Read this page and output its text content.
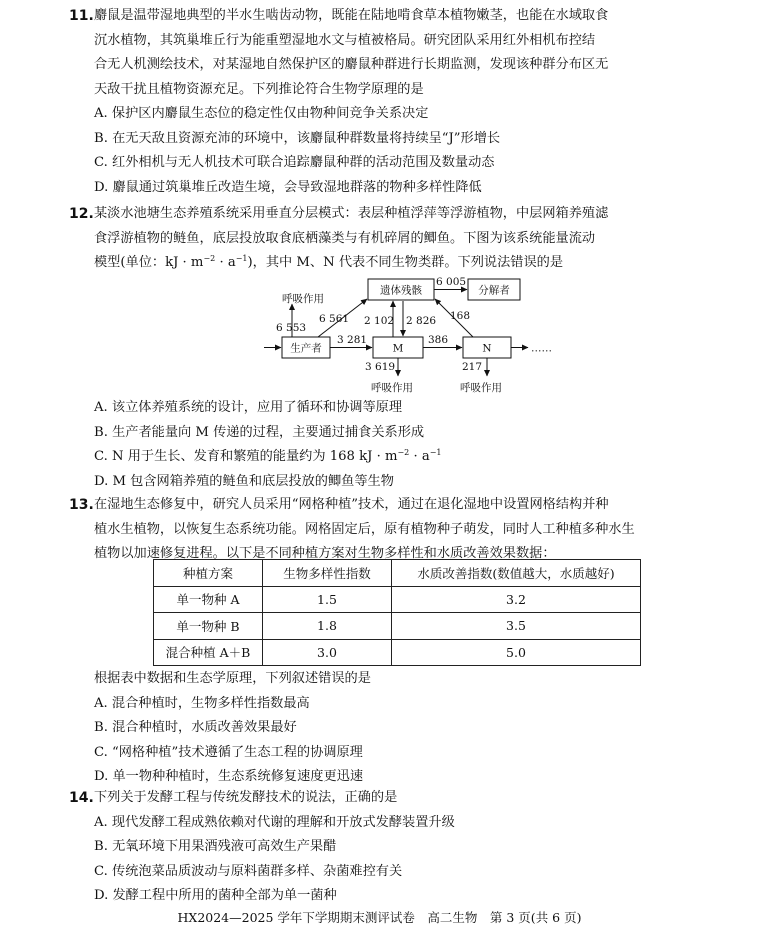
11. 麝鼠是温带湿地典型的半水生啮齿动物，既能在陆地啃食草本植物嫩茎，也能在水域取食
沉水植物，其筑巢堆丘行为能重塑湿地水文与植被格局。研究团队采用红外相机布控结
合无人机测绘技术，对某湿地自然保护区的麝鼠种群进行长期监测，发现该种群分布区无
天敌干扰且植物资源充足。下列推论符合生物学原理的是
A. 保护区内麝鼠生态位的稳定性仅由物种间竞争关系决定
B. 在无天敌且资源充沛的环境中，该麝鼠种群数量将持续呈“J”形增长
C. 红外相机与无人机技术可联合追踪麝鼠种群的活动范围及数量动态
D. 麝鼠通过筑巢堆丘改造生境，会导致湿地群落的物种多样性降低
12. 某淡水池塘生态养殖系统采用垂直分层模式：表层种植浮萍等浮游植物，中层网箱养殖滤
食浮游植物的鲢鱼，底层投放取食底栖藻类与有机碎屑的鲫鱼。下图为该系统能量流动
模型(单位：kJ · $m^{-2} \cdot a^{-1}$)，其中 M、N 代表不同生物类群。下列说法错误的是
遗体残骸	分解者
生产者	M	N	……
呼吸作用
6 005
6 553
6 561 2 102 2 826 168
3 281	386
3 619	217
呼吸作用	呼吸作用
A. 该立体养殖系统的设计，应用了循环和协调等原理
B. 生产者能量向 M 传递的过程，主要通过捕食关系形成
C. N 用于生长、发育和繁殖的能量约为 168 kJ · $m^{-2} \cdot a^{-1}$
D. M 包含网箱养殖的鲢鱼和底层投放的鲫鱼等生物
13. 在湿地生态修复中，研究人员采用“网格种植”技术，通过在退化湿地中设置网格结构并种
植水生植物，以恢复生态系统功能。网格固定后，原有植物种子萌发，同时人工种植多种水生
植物以加速修复进程。以下是不同种植方案对生物多样性和水质改善效果数据：
种植方案	生物多样性指数	水质改善指数(数值越大，水质越好)
单一物种 A	1.5	3.2
单一物种 B	1.8	3.5
混合种植 A＋B	3.0	5.0
根据表中数据和生态学原理，下列叙述错误的是
A. 混合种植时，生物多样性指数最高
B. 混合种植时，水质改善效果最好
C. “网格种植”技术遵循了生态工程的协调原理
D. 单一物种种植时，生态系统修复速度更迅速
14. 下列关于发酵工程与传统发酵技术的说法，正确的是
A. 现代发酵工程成熟依赖对代谢的理解和开放式发酵装置升级
B. 无氧环境下用果酒残液可高效生产果醋
C. 传统泡菜品质波动与原料菌群多样、杂菌难控有关
D. 发酵工程中所用的菌种全部为单一菌种
HX2024—2025 学年下学期期末测评试卷　高二生物　第 3 页(共 6 页)
